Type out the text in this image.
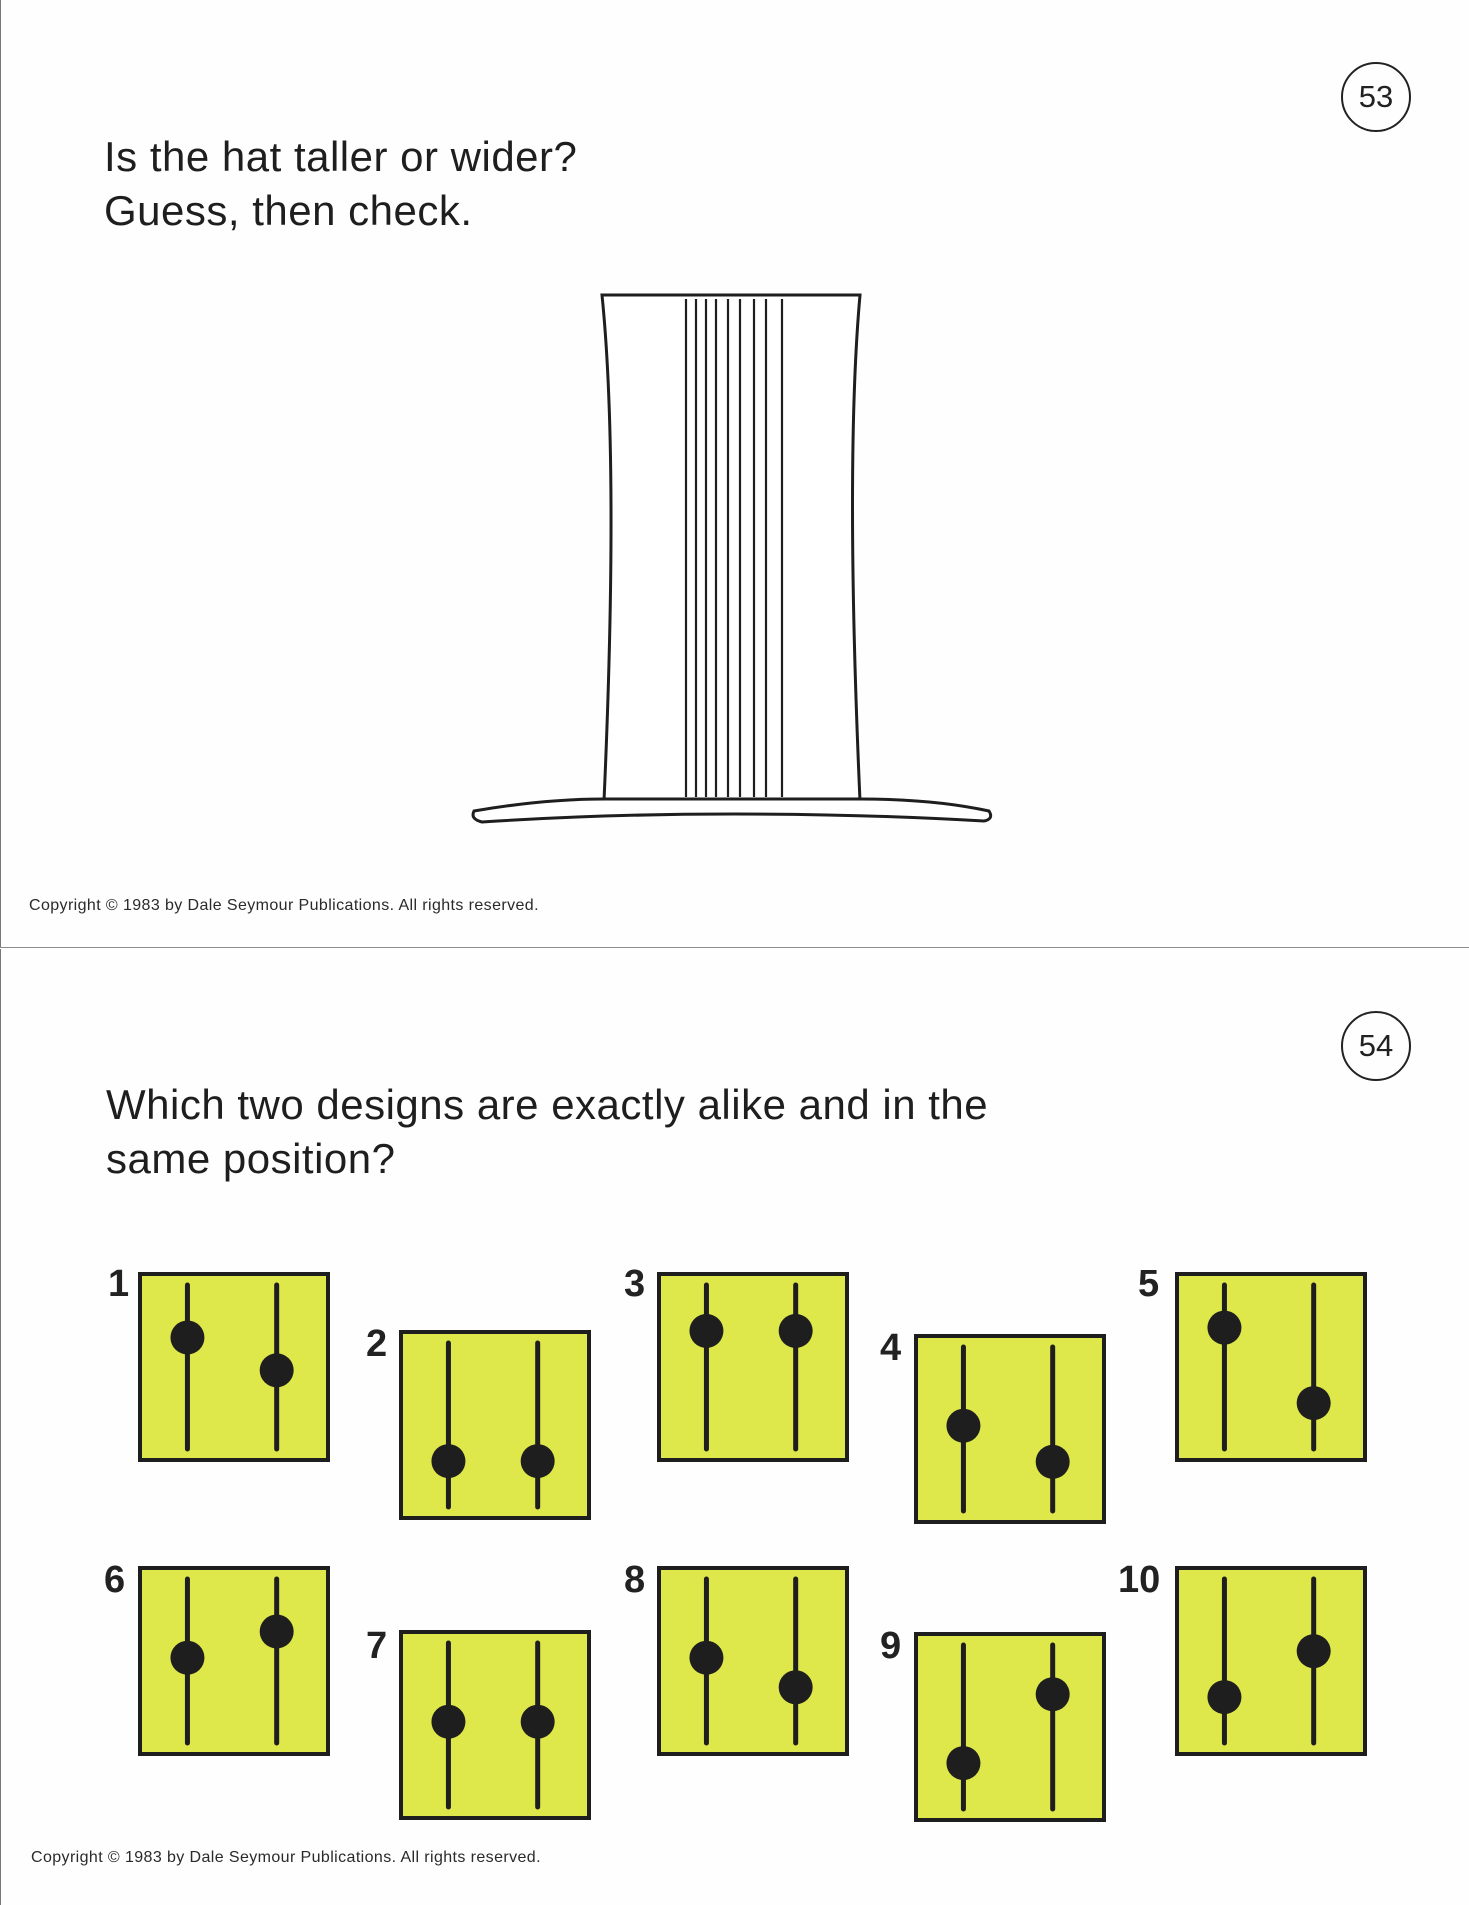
53
Is the hat taller or wider?
Guess, then check.
Copyright © 1983 by Dale Seymour Publications. All rights reserved.
54
Which two designs are exactly alike and in the
same position?
1
2
3
4
5
6
7
8
9
10
Copyright © 1983 by Dale Seymour Publications. All rights reserved.
